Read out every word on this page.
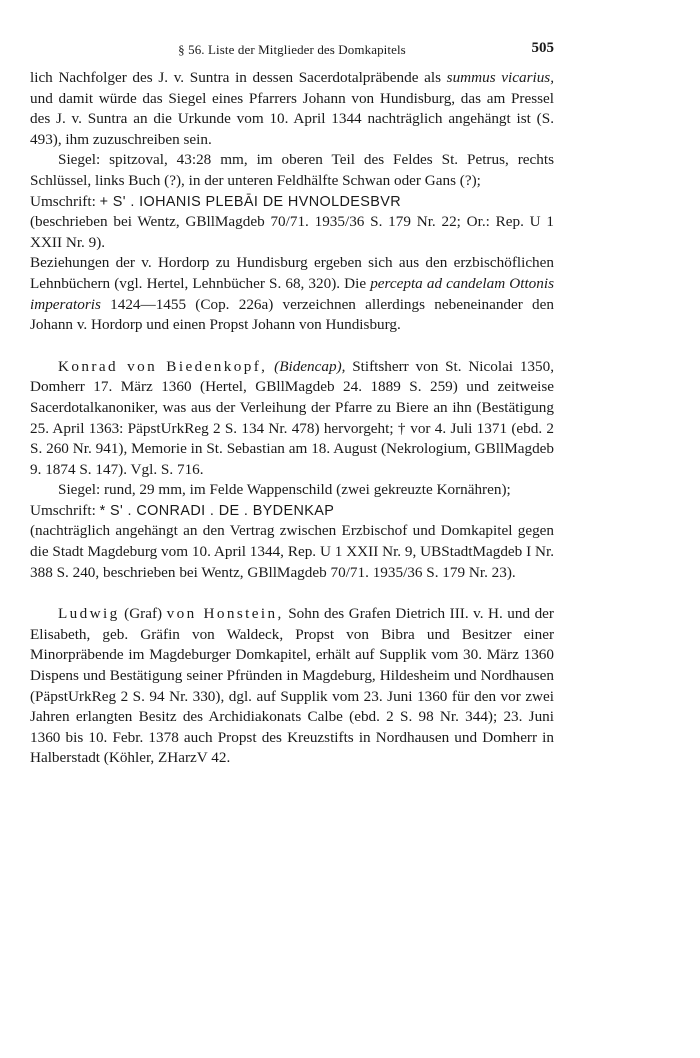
§ 56. Liste der Mitglieder des Domkapitels	505

lich Nachfolger des J. v. Suntra in dessen Sacerdotalpräbende als summus vicarius, und damit würde das Siegel eines Pfarrers Johann von Hundisburg, das am Pressel des J. v. Suntra an die Urkunde vom 10. April 1344 nachträglich angehängt ist (S. 493), ihm zuzuschreiben sein.

Siegel: spitzoval, 43:28 mm, im oberen Teil des Feldes St. Petrus, rechts Schlüssel, links Buch (?), in der unteren Feldhälfte Schwan oder Gans (?);

Umschrift: + S' . IOHANIS PLEBĀI DE HVNOLDESBVR

(beschrieben bei Wentz, GBllMagdeb 70/71. 1935/36 S. 179 Nr. 22; Or.: Rep. U 1 XXII Nr. 9).

Beziehungen der v. Hordorp zu Hundisburg ergeben sich aus den erzbischöflichen Lehnbüchern (vgl. Hertel, Lehnbücher S. 68, 320). Die percepta ad candelam Ottonis imperatoris 1424—1455 (Cop. 226a) verzeichnen allerdings nebeneinander den Johann v. Hordorp und einen Propst Johann von Hundisburg.

Konrad von Biedenkopf, (Bidencap), Stiftsherr von St. Nicolai 1350, Domherr 17. März 1360 (Hertel, GBllMagdeb 24. 1889 S. 259) und zeitweise Sacerdotalkanoniker, was aus der Verleihung der Pfarre zu Biere an ihn (Bestätigung 25. April 1363: PäpstUrkReg 2 S. 134 Nr. 478) hervorgeht; † vor 4. Juli 1371 (ebd. 2 S. 260 Nr. 941), Memorie in St. Sebastian am 18. August (Nekrologium, GBllMagdeb 9. 1874 S. 147). Vgl. S. 716.

Siegel: rund, 29 mm, im Felde Wappenschild (zwei gekreuzte Kornähren);

Umschrift: * S' . CONRADI . DE . BYDENKAP

(nachträglich angehängt an den Vertrag zwischen Erzbischof und Domkapitel gegen die Stadt Magdeburg vom 10. April 1344, Rep. U 1 XXII Nr. 9, UBStadtMagdeb I Nr. 388 S. 240, beschrieben bei Wentz, GBllMagdeb 70/71. 1935/36 S. 179 Nr. 23).

Ludwig (Graf) von Honstein, Sohn des Grafen Dietrich III. v. H. und der Elisabeth, geb. Gräfin von Waldeck, Propst von Bibra und Besitzer einer Minorpräbende im Magdeburger Domkapitel, erhält auf Supplik vom 30. März 1360 Dispens und Bestätigung seiner Pfründen in Magdeburg, Hildesheim und Nordhausen (PäpstUrkReg 2 S. 94 Nr. 330), dgl. auf Supplik vom 23. Juni 1360 für den vor zwei Jahren erlangten Besitz des Archidiakonats Calbe (ebd. 2 S. 98 Nr. 344); 23. Juni 1360 bis 10. Febr. 1378 auch Propst des Kreuzstifts in Nordhausen und Domherr in Halberstadt (Köhler, ZHarzV 42.
